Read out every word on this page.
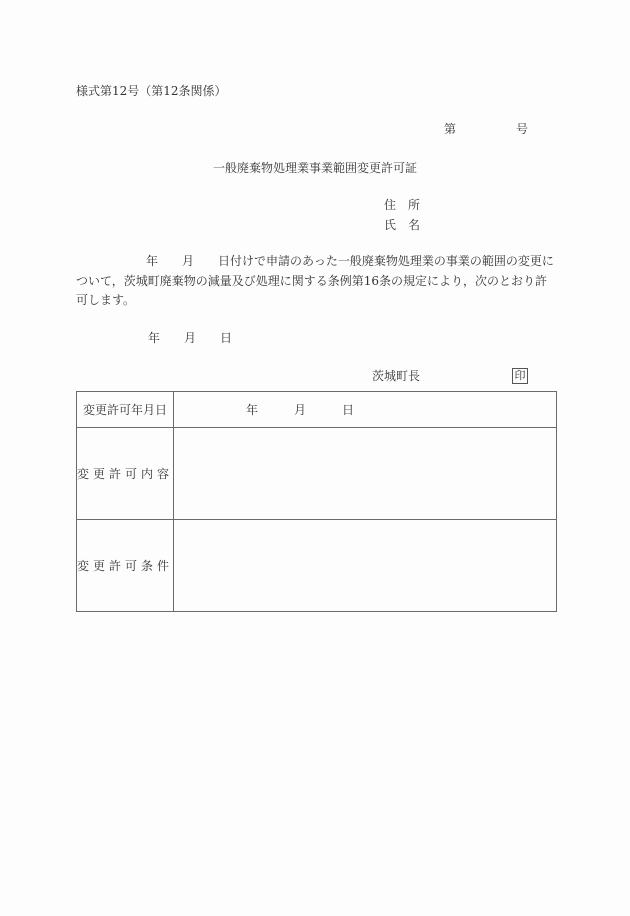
様式第12号（第12条関係）
第	号
一般廃棄物処理業事業範囲変更許可証
住　所
氏　名
年 月 日付けで申請のあった一般廃棄物処理業の事業の範囲の変更に
ついて，茨城町廃棄物の減量及び処理に関する条例第16条の規定により，次のとおり許
可します。
年 月 日
茨城町長	印
変更許可年月日	年 月 日
変更許可内容	
変更許可条件	
